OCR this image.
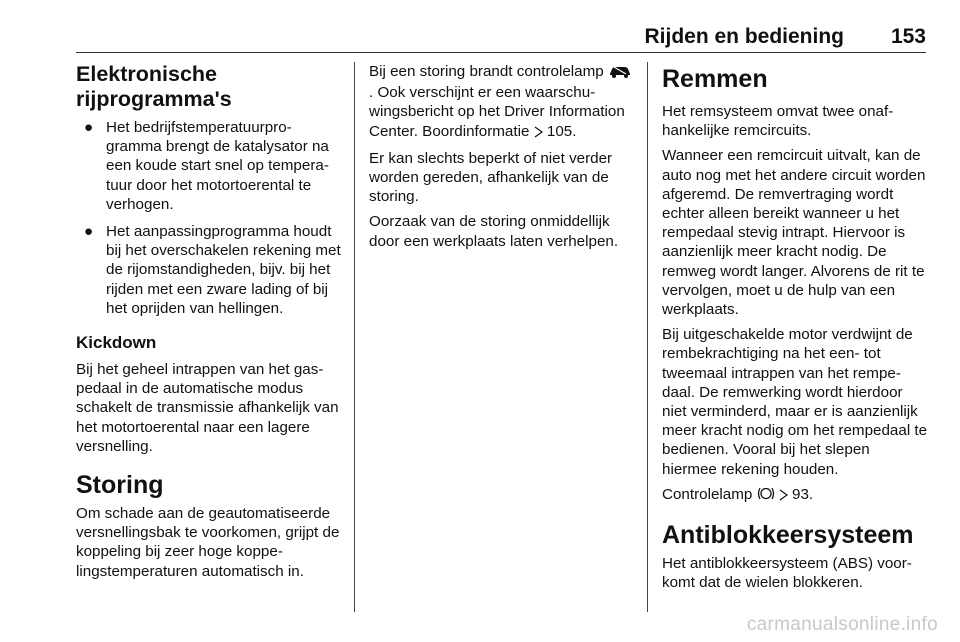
Rijden en bediening 153
Elektronische rijprogramma's
● Het bedrijfstemperatuurprogramma brengt de katalysator na een koude start snel op temperatuur door het motortoerental te verhogen.
● Het aanpassingprogramma houdt bij het overschakelen rekening met de rijomstandigheden, bijv. bij het rijden met een zware lading of bij het oprijden van hellingen.
Kickdown

Bij het geheel intrappen van het gaspedaal in de automatische modus schakelt de transmissie afhankelijk van het motortoerental naar een lagere versnelling.

Storing

Om schade aan de geautomatiseerde versnellingsbak te voorkomen, grijpt de koppeling bij zeer hoge koppelingstemperaturen automatisch in.

Bij een storing brandt controlelamp . Ook verschijnt er een waarschuwingsbericht op het Driver Information Center. Boordinformatie 105.

Er kan slechts beperkt of niet verder worden gereden, afhankelijk van de storing.

Oorzaak van de storing onmiddellijk door een werkplaats laten verhelpen.

Remmen

Het remsysteem omvat twee onafhankelijke remcircuits.

Wanneer een remcircuit uitvalt, kan de auto nog met het andere circuit worden afgeremd. De remvertraging wordt echter alleen bereikt wanneer u het rempedaal stevig intrapt. Hiervoor is aanzienlijk meer kracht nodig. De remweg wordt langer. Alvorens de rit te vervolgen, moet u de hulp van een werkplaats.

Bij uitgeschakelde motor verdwijnt de rembekrachtiging na het een- tot tweemaal intrappen van het rempedaal. De remwerking wordt hierdoor niet verminderd, maar er is aanzienlijk meer kracht nodig om het rempedaal te bedienen. Vooral bij het slepen hiermee rekening houden.

Controlelamp	93.

Antiblokkeersysteem

Het antiblokkeersysteem (ABS) voorkomt dat de wielen blokkeren.

carmanualsonline.info
